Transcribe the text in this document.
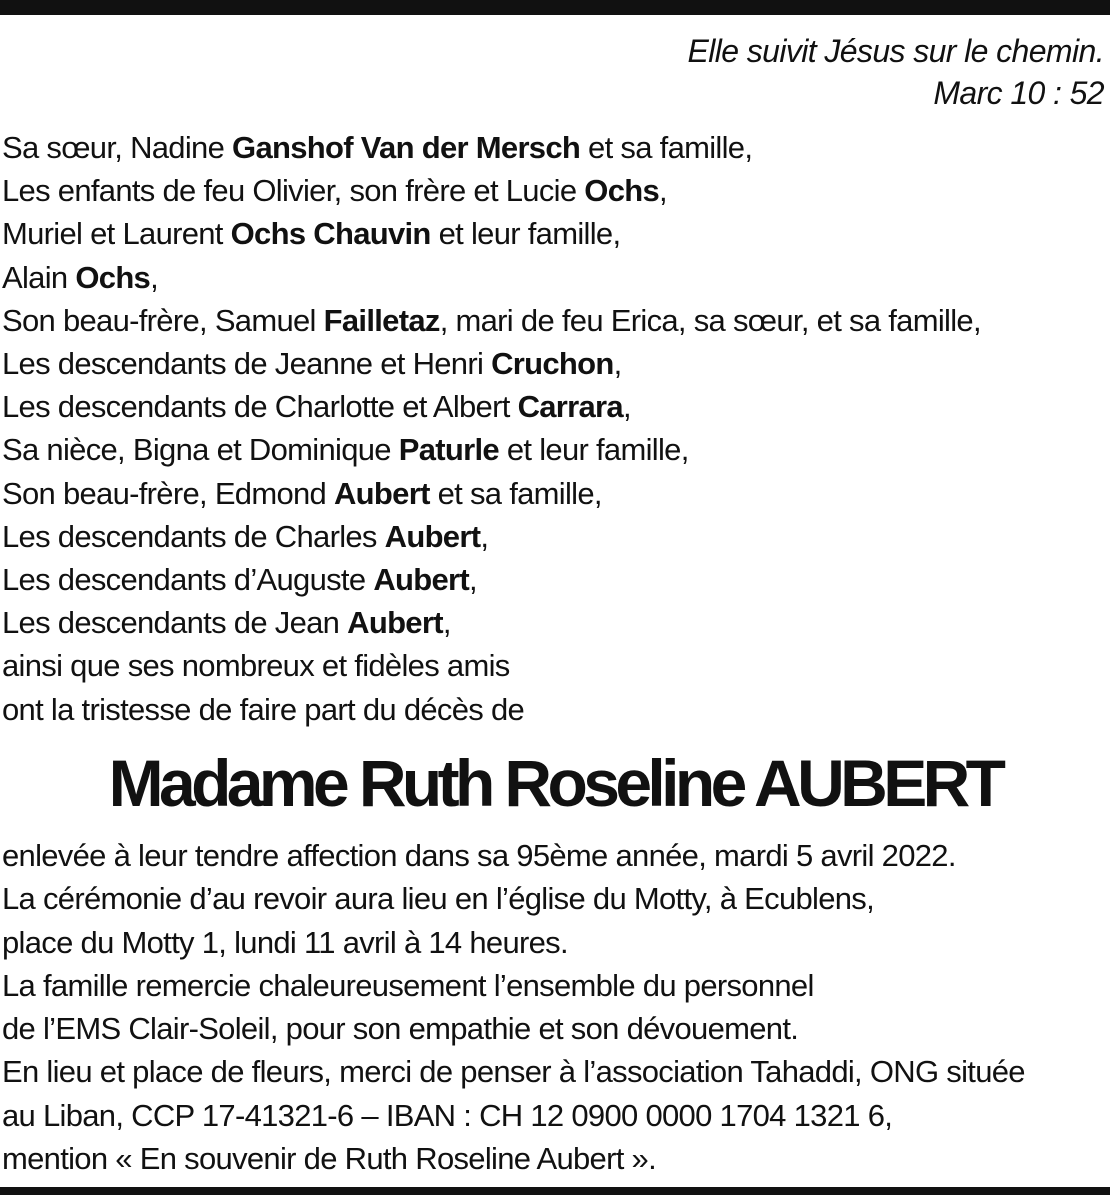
Elle suivit Jésus sur le chemin.
Marc 10 : 52
Sa sœur, Nadine Ganshof Van der Mersch et sa famille,
Les enfants de feu Olivier, son frère et Lucie Ochs,
Muriel et Laurent Ochs Chauvin et leur famille,
Alain Ochs,
Son beau-frère, Samuel Failletaz, mari de feu Erica, sa sœur, et sa famille,
Les descendants de Jeanne et Henri Cruchon,
Les descendants de Charlotte et Albert Carrara,
Sa nièce, Bigna et Dominique Paturle et leur famille,
Son beau-frère, Edmond Aubert et sa famille,
Les descendants de Charles Aubert,
Les descendants d’Auguste Aubert,
Les descendants de Jean Aubert,
ainsi que ses nombreux et fidèles amis
ont la tristesse de faire part du décès de
Madame Ruth Roseline AUBERT
enlevée à leur tendre affection dans sa 95ème année, mardi 5 avril 2022.
La cérémonie d’au revoir aura lieu en l’église du Motty, à Ecublens,
place du Motty 1, lundi 11 avril à 14 heures.
La famille remercie chaleureusement l’ensemble du personnel
de l’EMS Clair-Soleil, pour son empathie et son dévouement.
En lieu et place de fleurs, merci de penser à l’association Tahaddi, ONG située
au Liban, CCP 17-41321-6 – IBAN : CH 12 0900 0000 1704 1321 6,
mention « En souvenir de Ruth Roseline Aubert ».
